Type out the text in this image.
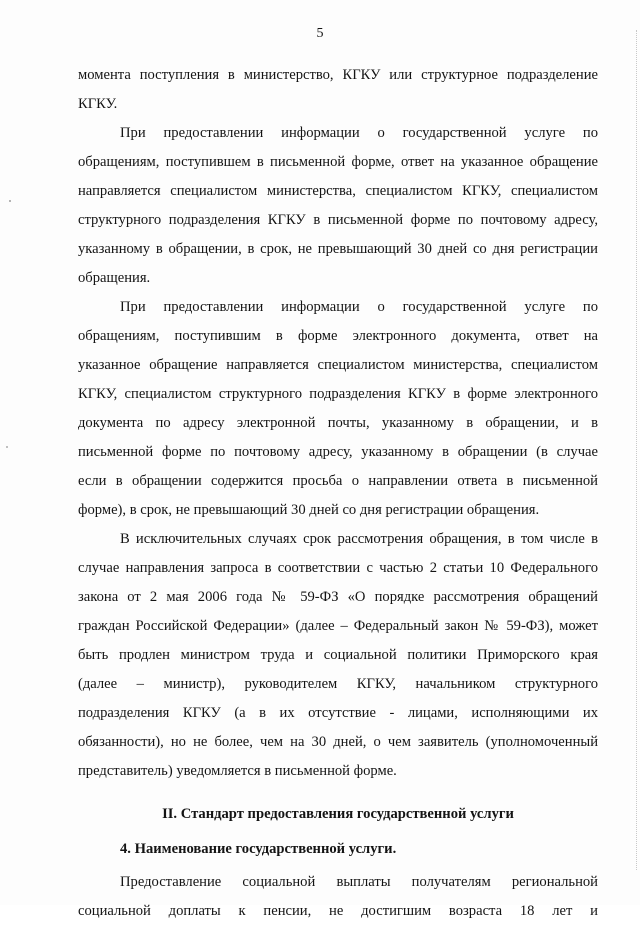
5
момента поступления в министерство, КГКУ или структурное подразделение
КГКУ.
При предоставлении информации о государственной услуге по
обращениям, поступившем в письменной форме, ответ на указанное обращение
направляется специалистом министерства, специалистом КГКУ, специалистом
структурного подразделения КГКУ в письменной форме по почтовому адресу,
указанному в обращении, в срок, не превышающий 30 дней со дня регистрации
обращения.
При предоставлении информации о государственной услуге по
обращениям, поступившим в форме электронного документа, ответ на
указанное обращение направляется специалистом министерства, специалистом
КГКУ, специалистом структурного подразделения КГКУ в форме электронного
документа по адресу электронной почты, указанному в обращении, и в
письменной форме по почтовому адресу, указанному в обращении (в случае
если в обращении содержится просьба о направлении ответа в письменной
форме), в срок, не превышающий 30 дней со дня регистрации обращения.
В исключительных случаях срок рассмотрения обращения, в том числе в
случае направления запроса в соответствии с частью 2 статьи 10 Федерального
закона от 2 мая 2006 года № 59-ФЗ «О порядке рассмотрения обращений
граждан Российской Федерации» (далее – Федеральный закон № 59-ФЗ), может
быть продлен министром труда и социальной политики Приморского края
(далее – министр), руководителем КГКУ, начальником структурного
подразделения КГКУ (а в их отсутствие - лицами, исполняющими их
обязанности), но не более, чем на 30 дней, о чем заявитель (уполномоченный
представитель) уведомляется в письменной форме.
II. Стандарт предоставления государственной услуги
4. Наименование государственной услуги.
Предоставление социальной выплаты получателям региональной
социальной доплаты к пенсии, не достигшим возраста 18 лет и
